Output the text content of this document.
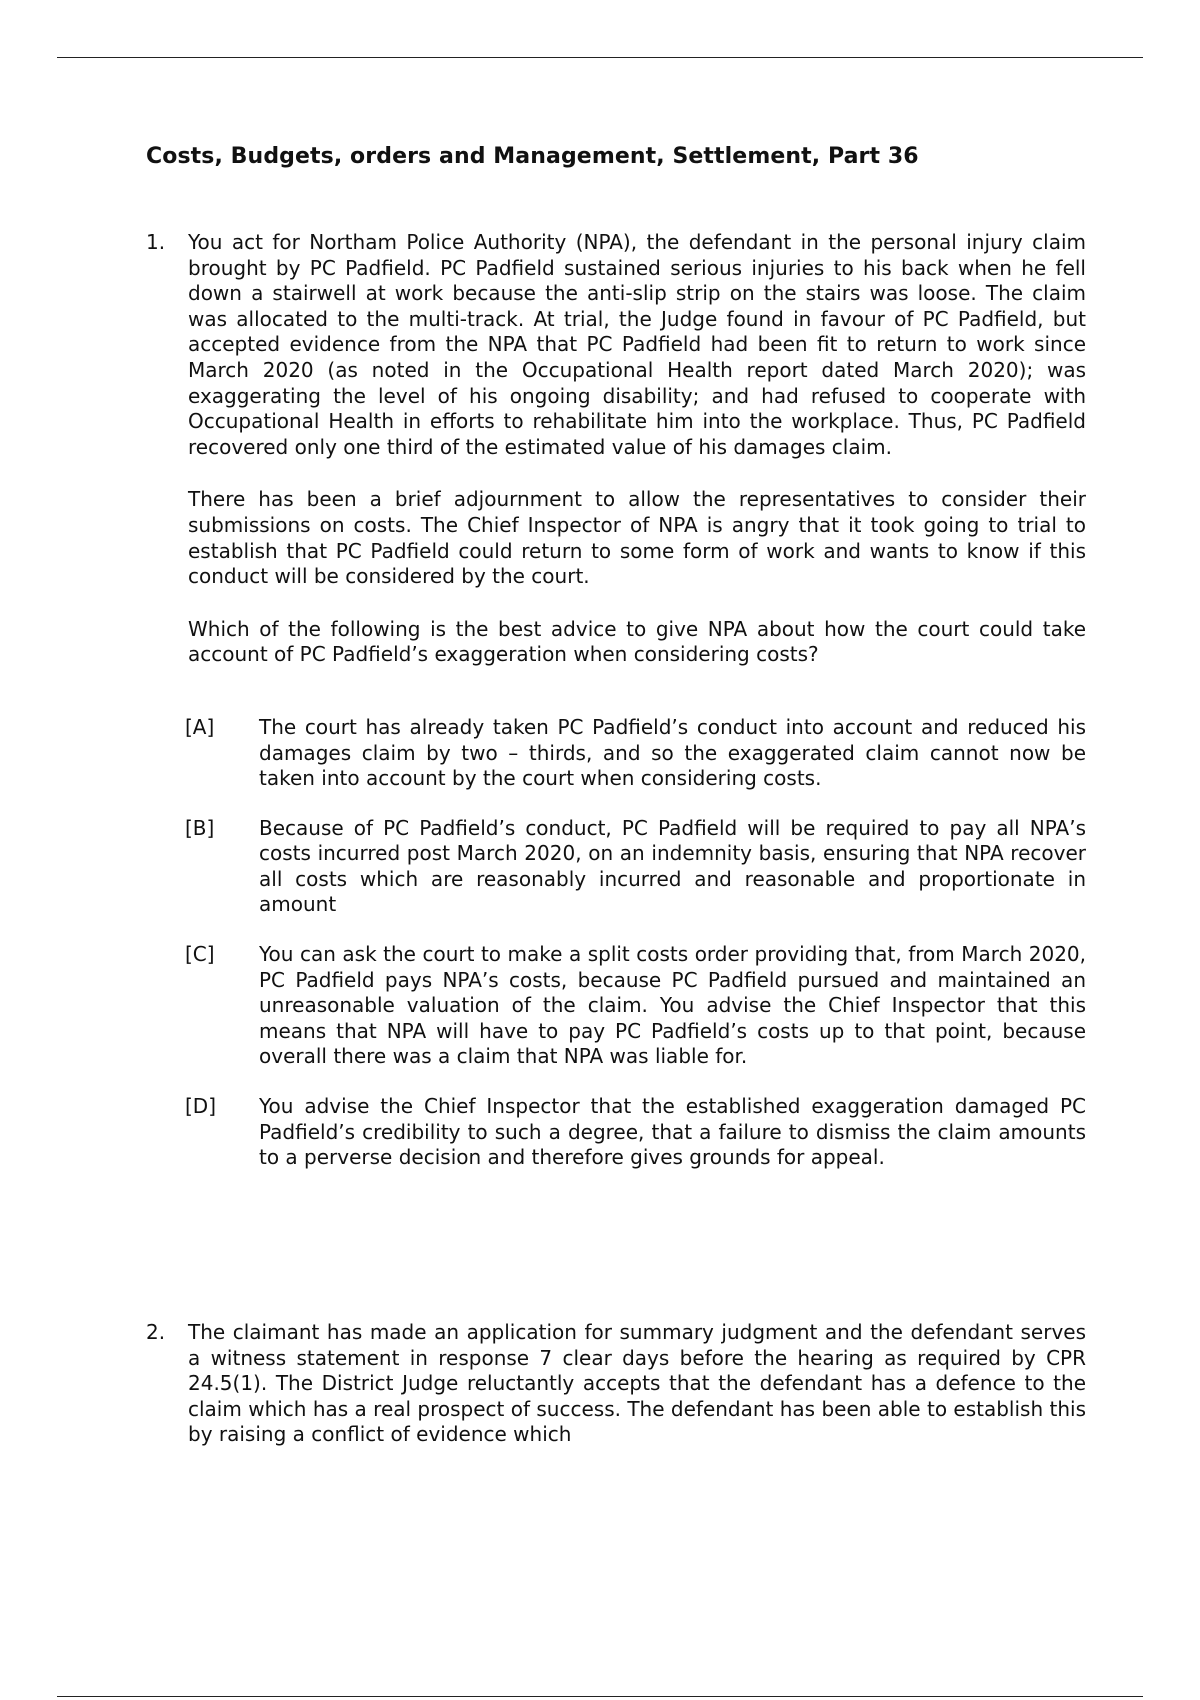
Costs, Budgets, orders and Management, Settlement, Part 36
1. You act for Northam Police Authority (NPA), the defendant in the personal injury claim brought by PC Padfield. PC Padfield sustained serious injuries to his back when he fell down a stairwell at work because the anti-slip strip on the stairs was loose. The claim was allocated to the multi-track. At trial, the Judge found in favour of PC Padfield, but accepted evidence from the NPA that PC Padfield had been fit to return to work since March 2020 (as noted in the Occupational Health report dated March 2020); was exaggerating the level of his ongoing disability; and had refused to cooperate with Occupational Health in efforts to rehabilitate him into the workplace. Thus, PC Padfield recovered only one third of the estimated value of his damages claim.

There has been a brief adjournment to allow the representatives to consider their submissions on costs. The Chief Inspector of NPA is angry that it took going to trial to establish that PC Padfield could return to some form of work and wants to know if this conduct will be considered by the court.

Which of the following is the best advice to give NPA about how the court could take account of PC Padfield’s exaggeration when considering costs?

[A] The court has already taken PC Padfield’s conduct into account and reduced his damages claim by two – thirds, and so the exaggerated claim cannot now be taken into account by the court when considering costs.
[B] Because of PC Padfield’s conduct, PC Padfield will be required to pay all NPA’s costs incurred post March 2020, on an indemnity basis, ensuring that NPA recover all costs which are reasonably incurred and reasonable and proportionate in amount
[C] You can ask the court to make a split costs order providing that, from March 2020, PC Padfield pays NPA’s costs, because PC Padfield pursued and maintained an unreasonable valuation of the claim. You advise the Chief Inspector that this means that NPA will have to pay PC Padfield’s costs up to that point, because overall there was a claim that NPA was liable for.
[D] You advise the Chief Inspector that the established exaggeration damaged PC Padfield’s credibility to such a degree, that a failure to dismiss the claim amounts to a perverse decision and therefore gives grounds for appeal.
2. The claimant has made an application for summary judgment and the defendant serves a witness statement in response 7 clear days before the hearing as required by CPR 24.5(1). The District Judge reluctantly accepts that the defendant has a defence to the claim which has a real prospect of success. The defendant has been able to establish this by raising a conflict of evidence which
